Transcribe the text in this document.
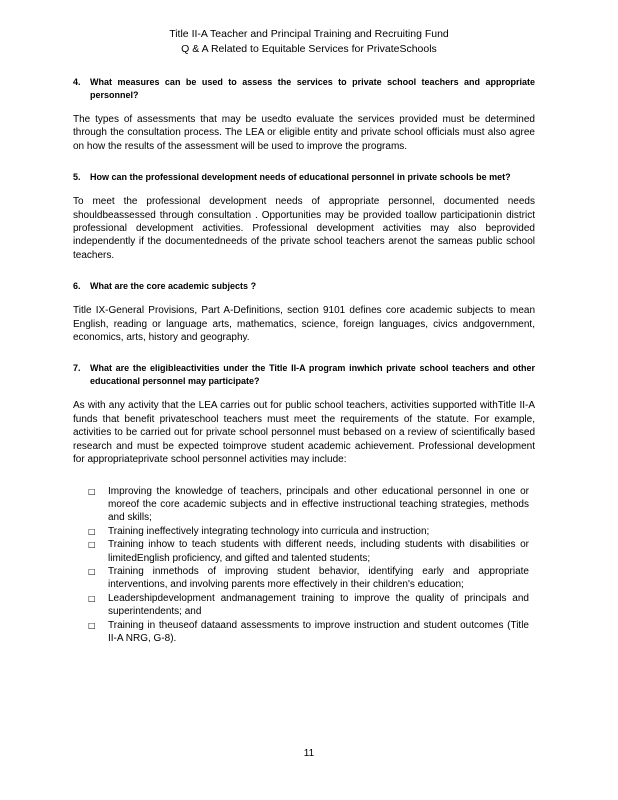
Title II-A Teacher and Principal Training and Recruiting Fund
Q & A Related to Equitable Services for PrivateSchools
4.	What measures can be used to assess the services to private school teachers and appropriate personnel?

The types of assessments that may be usedto evaluate the services provided must be determined through the consultation process. The LEA or eligible entity and private school officials must also agree on how the results of the assessment will be used to improve the programs.

5.	How can the professional development needs of educational personnel in private schools be met?

To meet the professional development needs of appropriate personnel, documented needs shouldbeassessed through consultation . Opportunities may be provided toallow participationin district professional development activities. Professional development activities may also beprovided independently if the documentedneeds of the private school teachers arenot the sameas public school teachers.

6.	What are the core academic subjects ?

Title IX-General Provisions, Part A-Definitions, section 9101 defines core academic subjects to mean English, reading or language arts, mathematics, science, foreign languages, civics andgovernment, economics, arts, history and geography.

7.	What are the eligibleactivities under the Title II-A program inwhich private school teachers and other educational personnel may participate?

As with any activity that the LEA carries out for public school teachers, activities supported withTitle II-A funds that benefit privateschool teachers must meet the requirements of the statute. For example, activities to be carried out for private school personnel must bebased on a review of scientifically based research and must be expected toimprove student academic achievement. Professional development for appropriateprivate school personnel activities may include:

□	Improving the knowledge of teachers, principals and other educational personnel in one or moreof the core academic subjects and in effective instructional teaching strategies, methods and skills;
□	Training ineffectively integrating technology into curricula and instruction;
□	Training inhow to teach students with different needs, including students with disabilities or limitedEnglish proficiency, and gifted and talented students;
□	Training inmethods of improving student behavior, identifying early and appropriate interventions, and involving parents more effectively in their children's education;
□	Leadershipdevelopment andmanagement training to improve the quality of principals and superintendents; and
□	Training in theuseof dataand assessments to improve instruction and student outcomes (Title II-A NRG, G-8).
11
